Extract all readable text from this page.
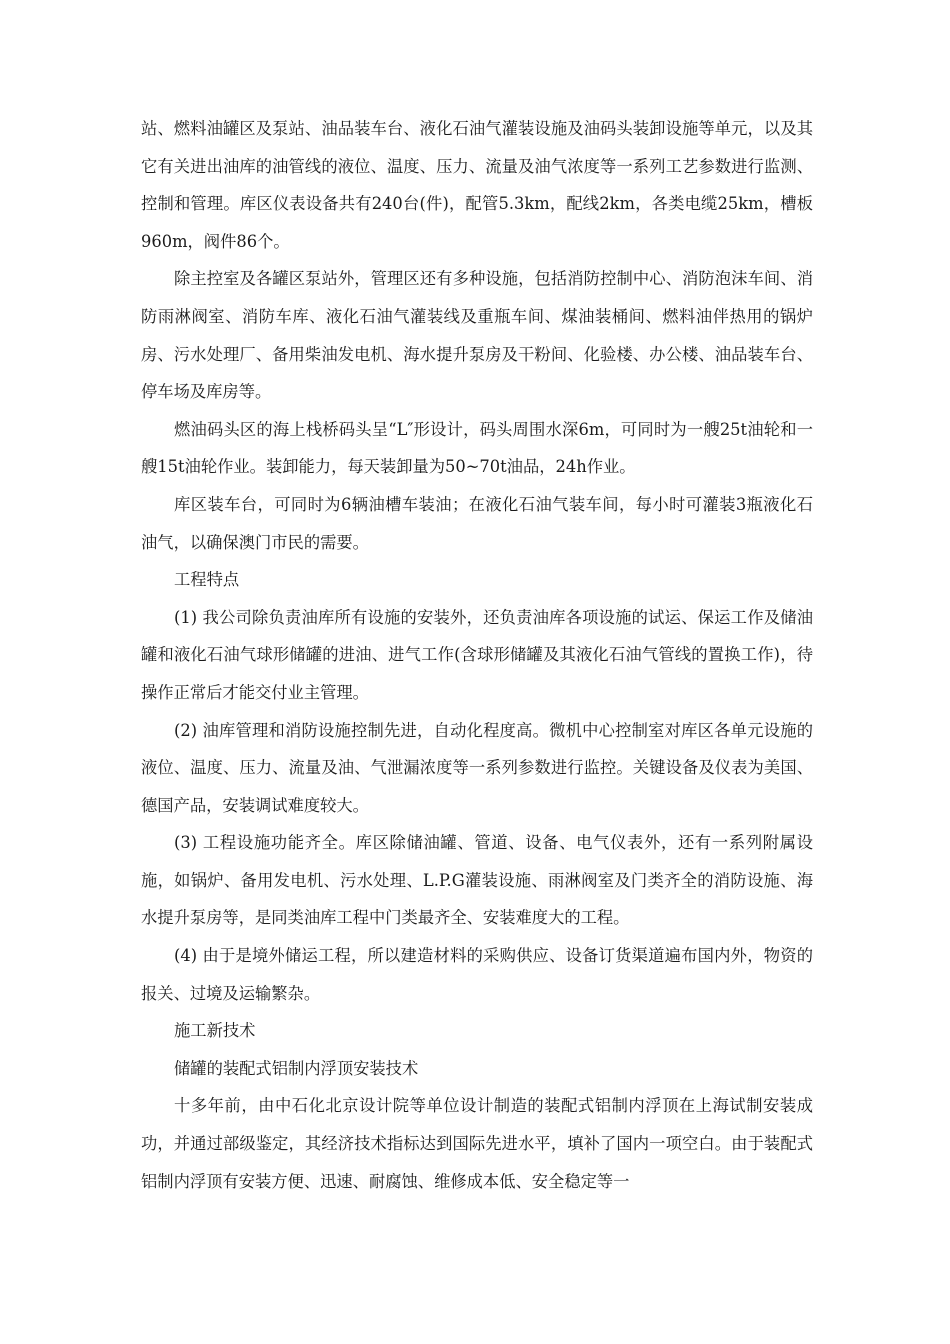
站、燃料油罐区及泵站、油品装车台、液化石油气灌装设施及油码头装卸设施等单元，以及其它有关进出油库的油管线的液位、温度、压力、流量及油气浓度等一系列工艺参数进行监测、控制和管理。库区仪表设备共有240台(件)，配管5.3km，配线2km，各类电缆25km，槽板960m，阀件86个。

除主控室及各罐区泵站外，管理区还有多种设施，包括消防控制中心、消防泡沫车间、消防雨淋阀室、消防车库、液化石油气灌装线及重瓶车间、煤油装桶间、燃料油伴热用的锅炉房、污水处理厂、备用柴油发电机、海水提升泵房及干粉间、化验楼、办公楼、油品装车台、停车场及库房等。

燃油码头区的海上栈桥码头呈“L″形设计，码头周围水深6m，可同时为一艘25t油轮和一艘15t油轮作业。装卸能力，每天装卸量为50~70t油品，24h作业。

库区装车台，可同时为6辆油槽车装油；在液化石油气装车间，每小时可灌装3瓶液化石油气，以确保澳门市民的需要。

工程特点

(1) 我公司除负责油库所有设施的安装外，还负责油库各项设施的试运、保运工作及储油罐和液化石油气球形储罐的进油、进气工作(含球形储罐及其液化石油气管线的置换工作)，待操作正常后才能交付业主管理。

(2) 油库管理和消防设施控制先进，自动化程度高。微机中心控制室对库区各单元设施的液位、温度、压力、流量及油、气泄漏浓度等一系列参数进行监控。关键设备及仪表为美国、德国产品，安装调试难度较大。

(3) 工程设施功能齐全。库区除储油罐、管道、设备、电气仪表外，还有一系列附属设施，如锅炉、备用发电机、污水处理、L.P.G灌装设施、雨淋阀室及门类齐全的消防设施、海水提升泵房等，是同类油库工程中门类最齐全、安装难度大的工程。

(4) 由于是境外储运工程，所以建造材料的采购供应、设备订货渠道遍布国内外，物资的报关、过境及运输繁杂。

施工新技术

储罐的装配式铝制内浮顶安装技术

十多年前，由中石化北京设计院等单位设计制造的装配式铝制内浮顶在上海试制安装成功，并通过部级鉴定，其经济技术指标达到国际先进水平，填补了国内一项空白。由于装配式铝制内浮顶有安装方便、迅速、耐腐蚀、维修成本低、安全稳定等一
